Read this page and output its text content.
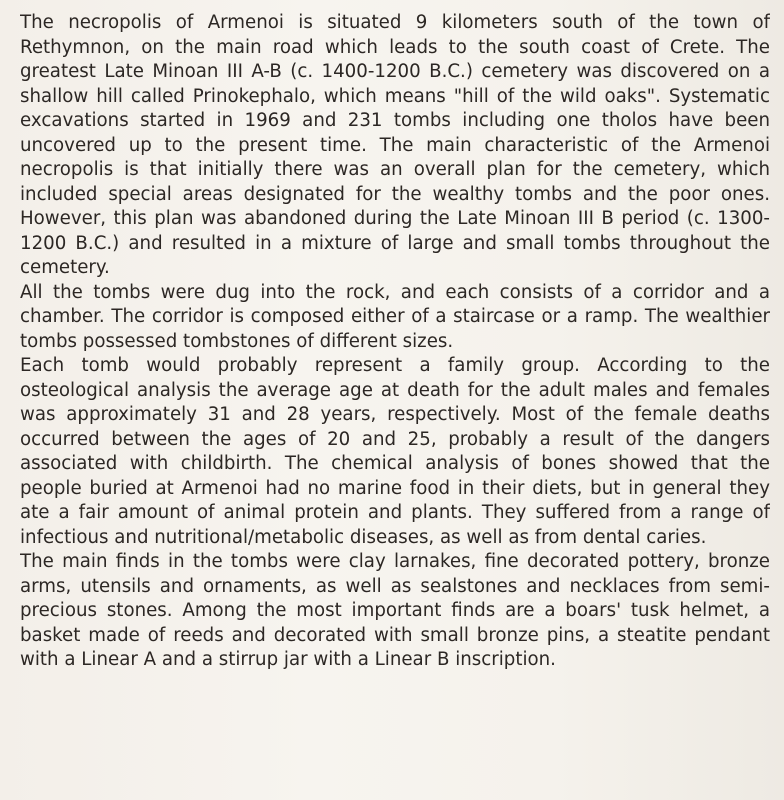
The necropolis of Armenoi is situated 9 kilometers south of the town of
Rethymnon, on the main road which leads to the south coast of Crete. The
greatest Late Minoan III A-B (c. 1400-1200 B.C.) cemetery was discovered on a
shallow hill called Prinokephalo, which means "hill of the wild oaks". Systematic
excavations started in 1969 and 231 tombs including one tholos have been
uncovered up to the present time. The main characteristic of the Armenoi
necropolis is that initially there was an overall plan for the cemetery, which
included special areas designated for the wealthy tombs and the poor ones.
However, this plan was abandoned during the Late Minoan III B period (c. 1300-
1200 B.C.) and resulted in a mixture of large and small tombs throughout the
cemetery.
All the tombs were dug into the rock, and each consists of a corridor and a
chamber. The corridor is composed either of a staircase or a ramp. The wealthier
tombs possessed tombstones of different sizes.
Each tomb would probably represent a family group. According to the
osteological analysis the average age at death for the adult males and females
was approximately 31 and 28 years, respectively. Most of the female deaths
occurred between the ages of 20 and 25, probably a result of the dangers
associated with childbirth. The chemical analysis of bones showed that the
people buried at Armenoi had no marine food in their diets, but in general they
ate a fair amount of animal protein and plants. They suffered from a range of
infectious and nutritional/metabolic diseases, as well as from dental caries.
The main finds in the tombs were clay larnakes, fine decorated pottery, bronze
arms, utensils and ornaments, as well as sealstones and necklaces from semi-
precious stones. Among the most important finds are a boars' tusk helmet, a
basket made of reeds and decorated with small bronze pins, a steatite pendant
with a Linear A and a stirrup jar with a Linear B inscription.
